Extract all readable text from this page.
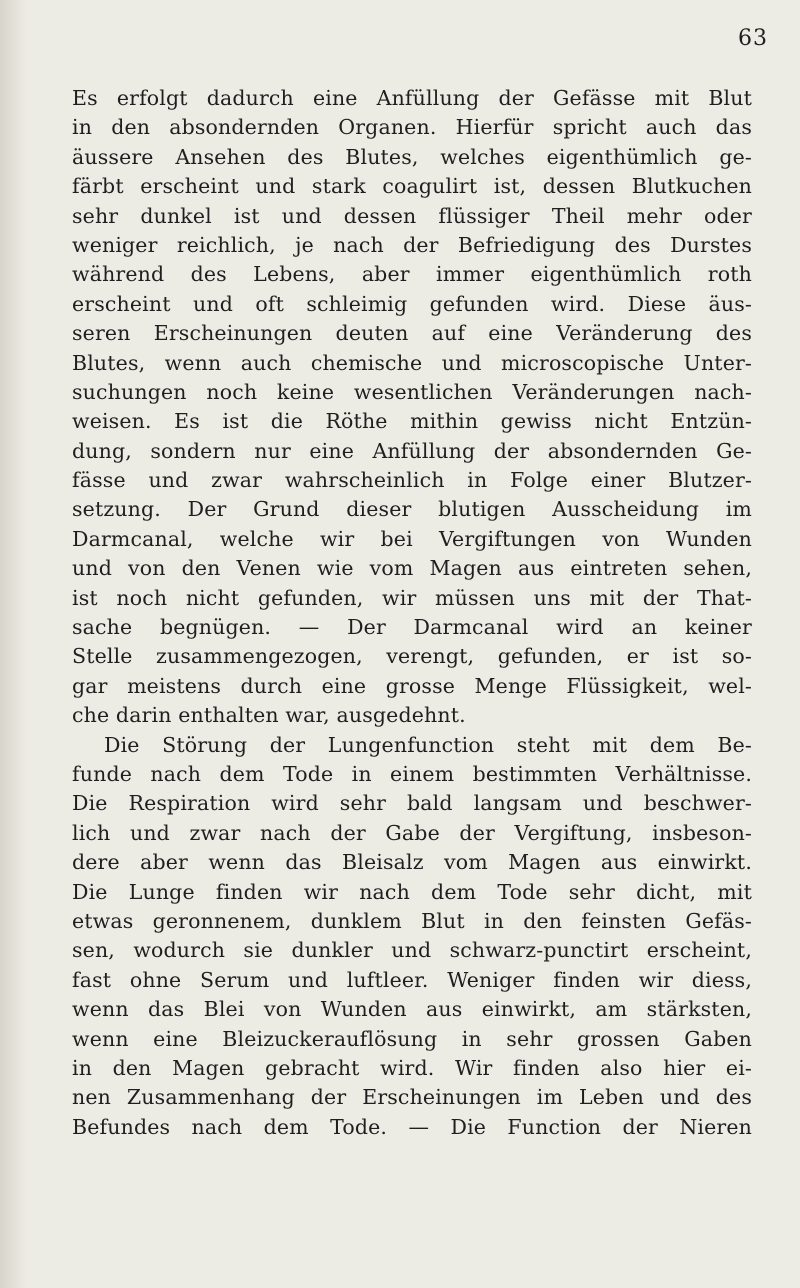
63
Es erfolgt dadurch eine Anfüllung der Gefässe mit Blut
in den absondernden Organen. Hierfür spricht auch das
äussere Ansehen des Blutes, welches eigenthümlich ge-
färbt erscheint und stark coagulirt ist, dessen Blutkuchen
sehr dunkel ist und dessen flüssiger Theil mehr oder
weniger reichlich, je nach der Befriedigung des Durstes
während des Lebens, aber immer eigenthümlich roth
erscheint und oft schleimig gefunden wird. Diese äus-
seren Erscheinungen deuten auf eine Veränderung des
Blutes, wenn auch chemische und microscopische Unter-
suchungen noch keine wesentlichen Veränderungen nach-
weisen. Es ist die Röthe mithin gewiss nicht Entzün-
dung, sondern nur eine Anfüllung der absondernden Ge-
fässe und zwar wahrscheinlich in Folge einer Blutzer-
setzung. Der Grund dieser blutigen Ausscheidung im
Darmcanal, welche wir bei Vergiftungen von Wunden
und von den Venen wie vom Magen aus eintreten sehen,
ist noch nicht gefunden, wir müssen uns mit der That-
sache begnügen. — Der Darmcanal wird an keiner
Stelle zusammengezogen, verengt, gefunden, er ist so-
gar meistens durch eine grosse Menge Flüssigkeit, wel-
che darin enthalten war, ausgedehnt.
Die Störung der Lungenfunction steht mit dem Be-
funde nach dem Tode in einem bestimmten Verhältnisse.
Die Respiration wird sehr bald langsam und beschwer-
lich und zwar nach der Gabe der Vergiftung, insbeson-
dere aber wenn das Bleisalz vom Magen aus einwirkt.
Die Lunge finden wir nach dem Tode sehr dicht, mit
etwas geronnenem, dunklem Blut in den feinsten Gefäs-
sen, wodurch sie dunkler und schwarz-punctirt erscheint,
fast ohne Serum und luftleer. Weniger finden wir diess,
wenn das Blei von Wunden aus einwirkt, am stärksten,
wenn eine Bleizuckerauflösung in sehr grossen Gaben
in den Magen gebracht wird. Wir finden also hier ei-
nen Zusammenhang der Erscheinungen im Leben und des
Befundes nach dem Tode. — Die Function der Nieren
